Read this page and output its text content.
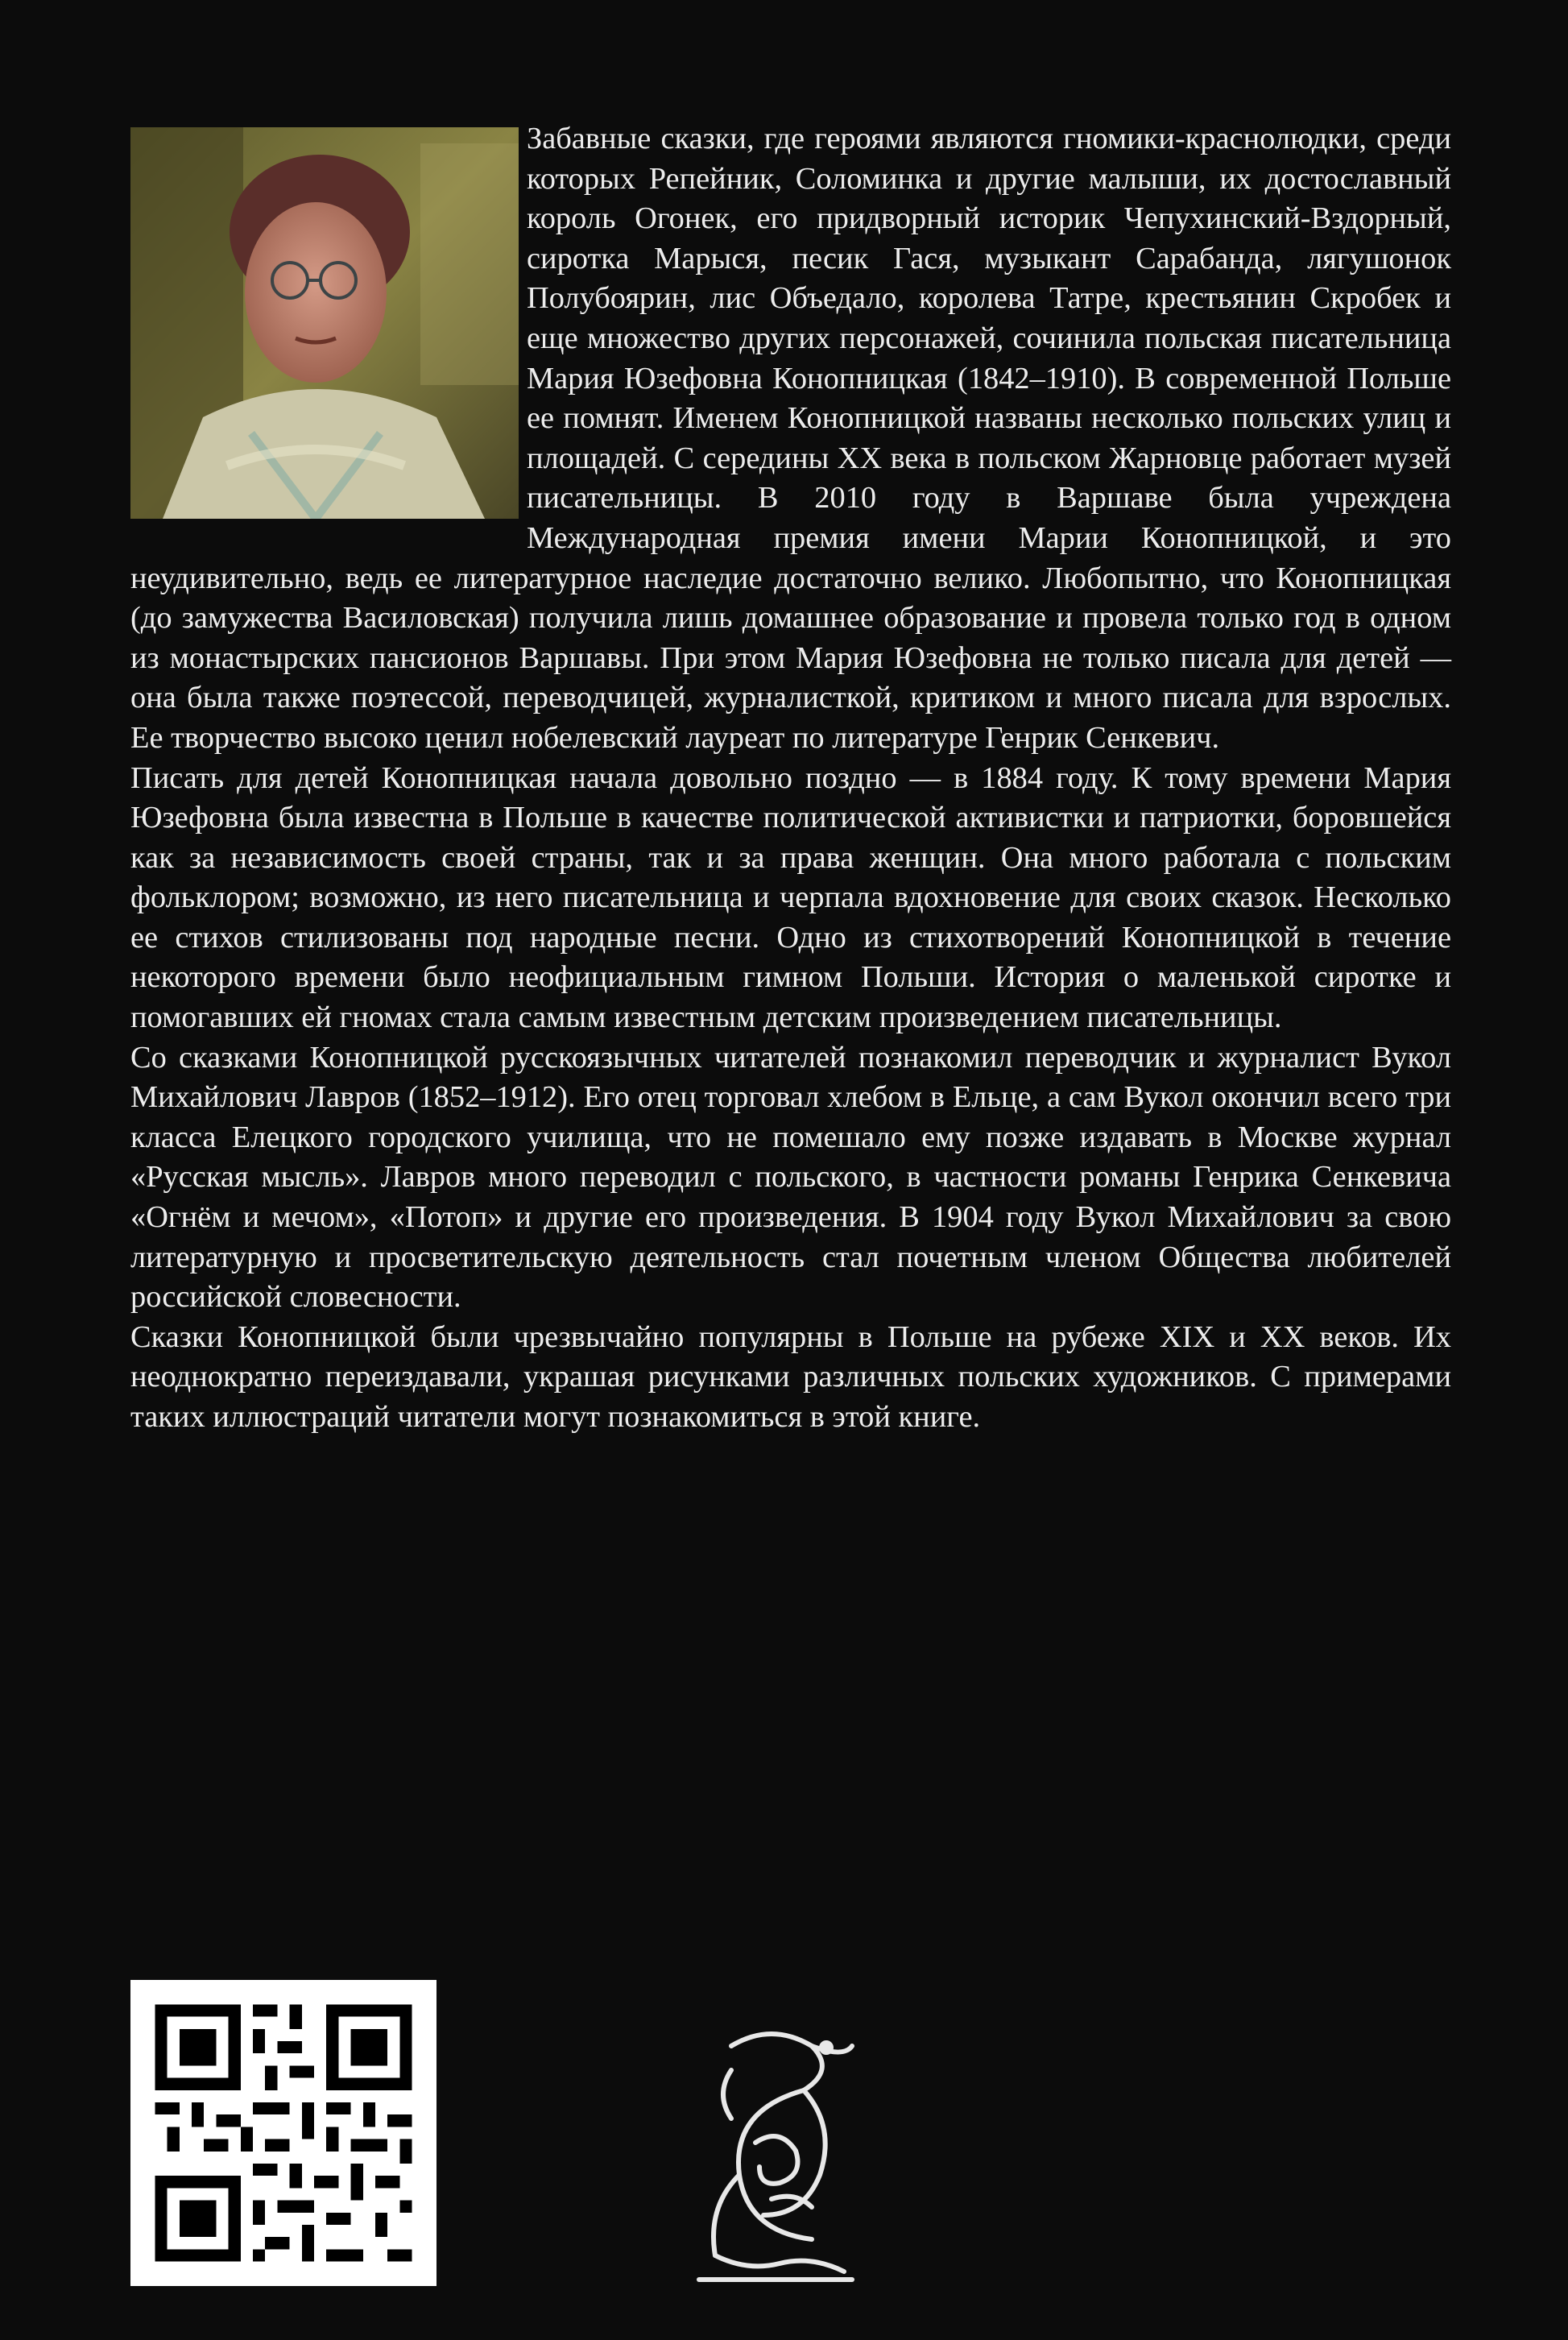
Забавные сказки, где героями являются гномики-краснолюдки, среди которых Репейник, Соломинка и другие малыши, их достославный король Огонек, его придворный историк Чепухинский-Вздорный, сиротка Марыся, песик Гася, музыкант Сарабанда, лягушонок Полубоярин, лис Объедало, королева Татре, крестьянин Скробек и еще множество других персонажей, сочинила польская писательница Мария Юзефовна Конопницкая (1842–1910). В современной Польше ее помнят. Именем Конопницкой названы несколько польских улиц и площадей. С середины XX века в польском Жарновце работает музей писательницы. В 2010 году в Варшаве была учреждена Международная премия имени Марии Конопницкой, и это неудивительно, ведь ее литературное наследие достаточно велико. Любопытно, что Конопницкая (до замужества Василовская) получила лишь домашнее образование и провела только год в одном из монастырских пансионов Варшавы. При этом Мария Юзефовна не только писала для детей — она была также поэтессой, переводчицей, журналисткой, критиком и много писала для взрослых. Ее творчество высоко ценил нобелевский лауреат по литературе Генрик Сенкевич.

Писать для детей Конопницкая начала довольно поздно — в 1884 году. К тому времени Мария Юзефовна была известна в Польше в качестве политической активистки и патриотки, боровшейся как за независимость своей страны, так и за права женщин. Она много работала с польским фольклором; возможно, из него писательница и черпала вдохновение для своих сказок. Несколько ее стихов стилизованы под народные песни. Одно из стихотворений Конопницкой в течение некоторого времени было неофициальным гимном Польши. История о маленькой сиротке и помогавших ей гномах стала самым известным детским произведением писательницы.

Со сказками Конопницкой русскоязычных читателей познакомил переводчик и журналист Вукол Михайлович Лавров (1852–1912). Его отец торговал хлебом в Ельце, а сам Вукол окончил всего три класса Елецкого городского училища, что не помешало ему позже издавать в Москве журнал «Русская мысль». Лавров много переводил с польского, в частности романы Генрика Сенкевича «Огнём и мечом», «Потоп» и другие его произведения. В 1904 году Вукол Михайлович за свою литературную и просветительскую деятельность стал почетным членом Общества любителей российской словесности.

Сказки Конопницкой были чрезвычайно популярны в Польше на рубеже XIX и XX веков. Их неоднократно переиздавали, украшая рисунками различных польских художников. С примерами таких иллюстраций читатели могут познакомиться в этой книге.
